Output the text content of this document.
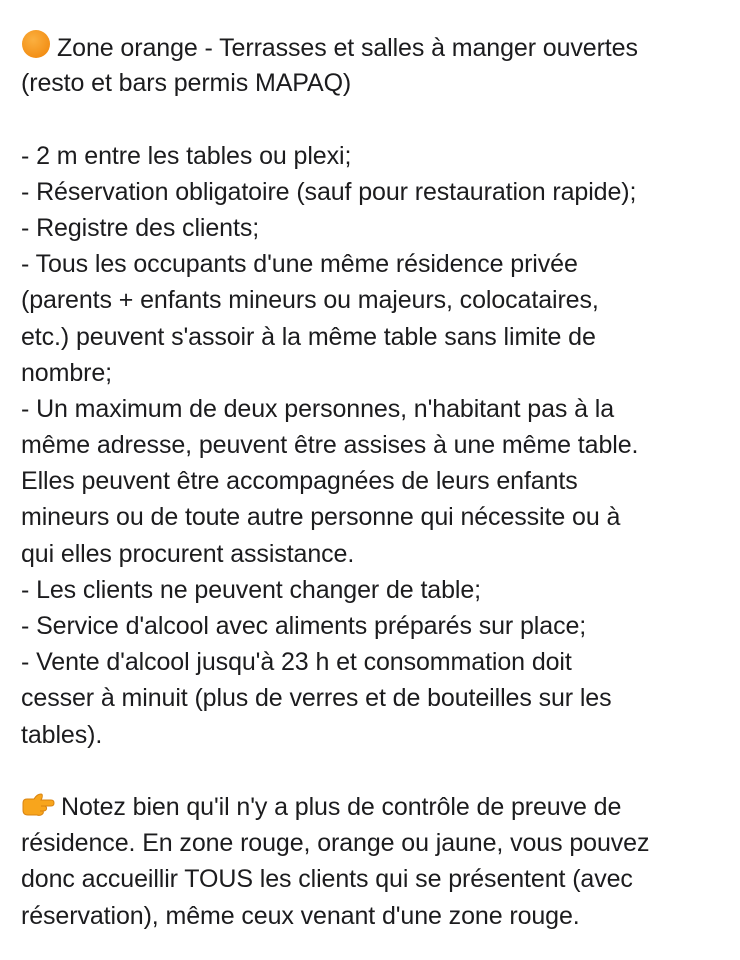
Zone orange - Terrasses et salles à manger ouvertes
(resto et bars permis MAPAQ)
- 2 m entre les tables ou plexi;
- Réservation obligatoire (sauf pour restauration rapide);
- Registre des clients;
- Tous les occupants d'une même résidence privée
(parents + enfants mineurs ou majeurs, colocataires,
etc.) peuvent s'assoir à la même table sans limite de
nombre;
- Un maximum de deux personnes, n'habitant pas à la
même adresse, peuvent être assises à une même table.
Elles peuvent être accompagnées de leurs enfants
mineurs ou de toute autre personne qui nécessite ou à
qui elles procurent assistance.
- Les clients ne peuvent changer de table;
- Service d'alcool avec aliments préparés sur place;
- Vente d'alcool jusqu'à 23 h et consommation doit
cesser à minuit (plus de verres et de bouteilles sur les
tables).
Notez bien qu'il n'y a plus de contrôle de preuve de
résidence. En zone rouge, orange ou jaune, vous pouvez
donc accueillir TOUS les clients qui se présentent (avec
réservation), même ceux venant d'une zone rouge.
